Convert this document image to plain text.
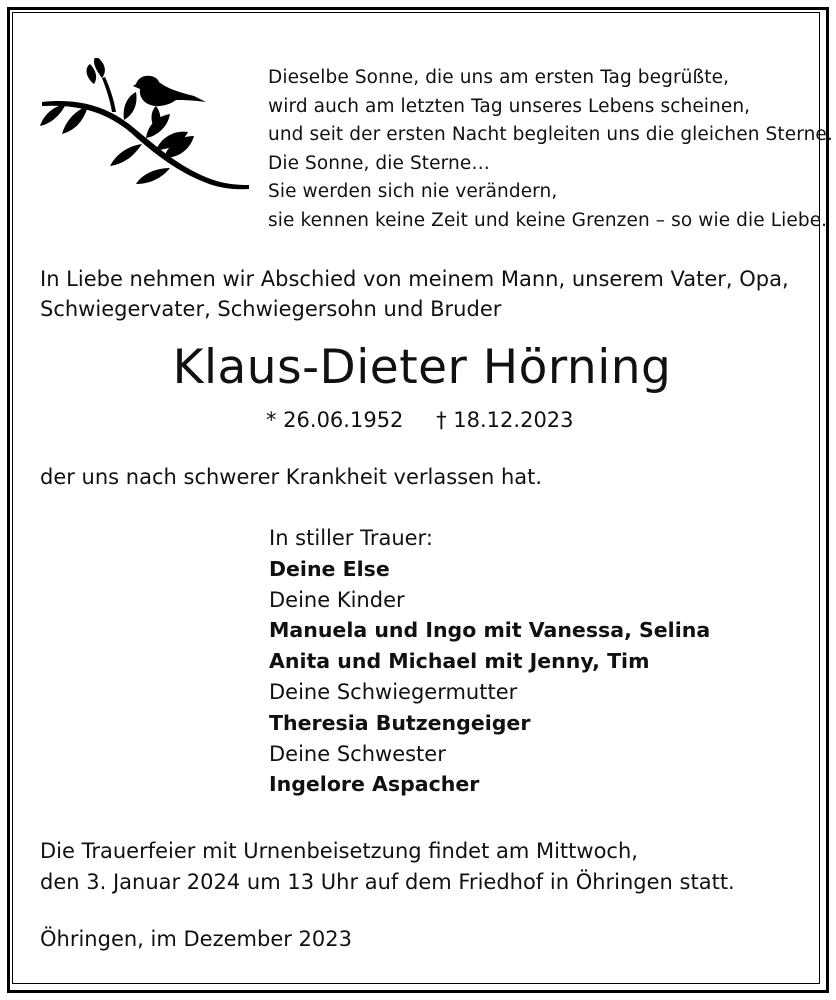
Dieselbe Sonne, die uns am ersten Tag begrüßte,
wird auch am letzten Tag unseres Lebens scheinen,
und seit der ersten Nacht begleiten uns die gleichen Sterne.
Die Sonne, die Sterne…
Sie werden sich nie verändern,
sie kennen keine Zeit und keine Grenzen – so wie die Liebe.
In Liebe nehmen wir Abschied von meinem Mann, unserem Vater, Opa,
Schwiegervater, Schwiegersohn und Bruder
Klaus-Dieter Hörning
* 26.06.1952 † 18.12.2023
der uns nach schwerer Krankheit verlassen hat.
In stiller Trauer:
Deine Else
Deine Kinder
Manuela und Ingo mit Vanessa, Selina
Anita und Michael mit Jenny, Tim
Deine Schwiegermutter
Theresia Butzengeiger
Deine Schwester
Ingelore Aspacher
Die Trauerfeier mit Urnenbeisetzung findet am Mittwoch,
den 3. Januar 2024 um 13 Uhr auf dem Friedhof in Öhringen statt.
Öhringen, im Dezember 2023
